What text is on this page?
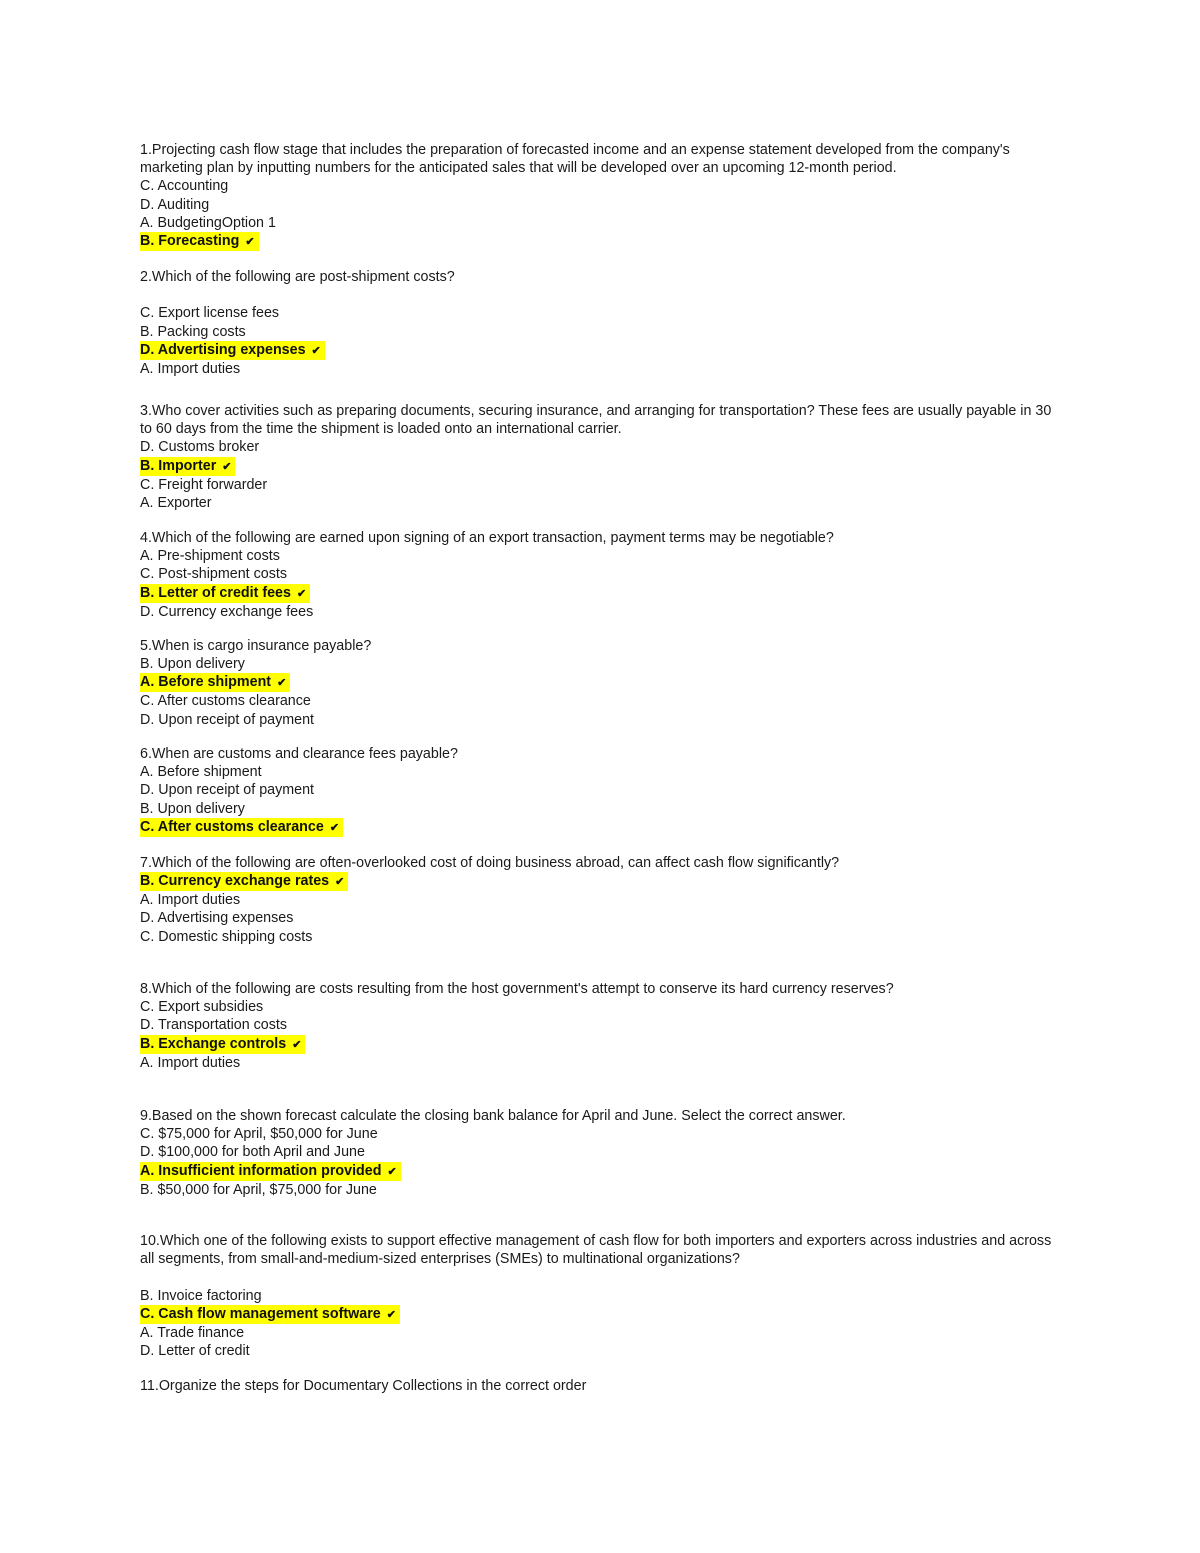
1.Projecting cash flow stage that includes the preparation of forecasted income and an expense statement developed from the company's marketing plan by inputting numbers for the anticipated sales that will be developed over an upcoming 12-month period.
C. Accounting
D. Auditing
A. BudgetingOption 1
B. Forecasting ✔
2.Which of the following are post-shipment costs?
C. Export license fees
B. Packing costs
D. Advertising expenses ✔
A. Import duties
3.Who cover activities such as preparing documents, securing insurance, and arranging for transportation? These fees are usually payable in 30 to 60 days from the time the shipment is loaded onto an international carrier.
D. Customs broker
B. Importer ✔
C. Freight forwarder
A. Exporter
4.Which of the following are earned upon signing of an export transaction, payment terms may be negotiable?
A. Pre-shipment costs
C. Post-shipment costs
B. Letter of credit fees ✔
D. Currency exchange fees
5.When is cargo insurance payable?
B. Upon delivery
A. Before shipment ✔
C. After customs clearance
D. Upon receipt of payment
6.When are customs and clearance fees payable?
A. Before shipment
D. Upon receipt of payment
B. Upon delivery
C. After customs clearance ✔
7.Which of the following are often-overlooked cost of doing business abroad, can affect cash flow significantly?
B. Currency exchange rates ✔
A. Import duties
D. Advertising expenses
C. Domestic shipping costs
8.Which of the following are costs resulting from the host government's attempt to conserve its hard currency reserves?
C. Export subsidies
D. Transportation costs
B. Exchange controls ✔
A. Import duties
9.Based on the shown forecast calculate the closing bank balance for April and June. Select the correct answer.
C. $75,000 for April, $50,000 for June
D. $100,000 for both April and June
A. Insufficient information provided ✔
B. $50,000 for April, $75,000 for June
10.Which one of the following exists to support effective management of cash flow for both importers and exporters across industries and across all segments, from small-and-medium-sized enterprises (SMEs) to multinational organizations?
B. Invoice factoring
C. Cash flow management software ✔
A. Trade finance
D. Letter of credit
11.Organize the steps for Documentary Collections in the correct order
